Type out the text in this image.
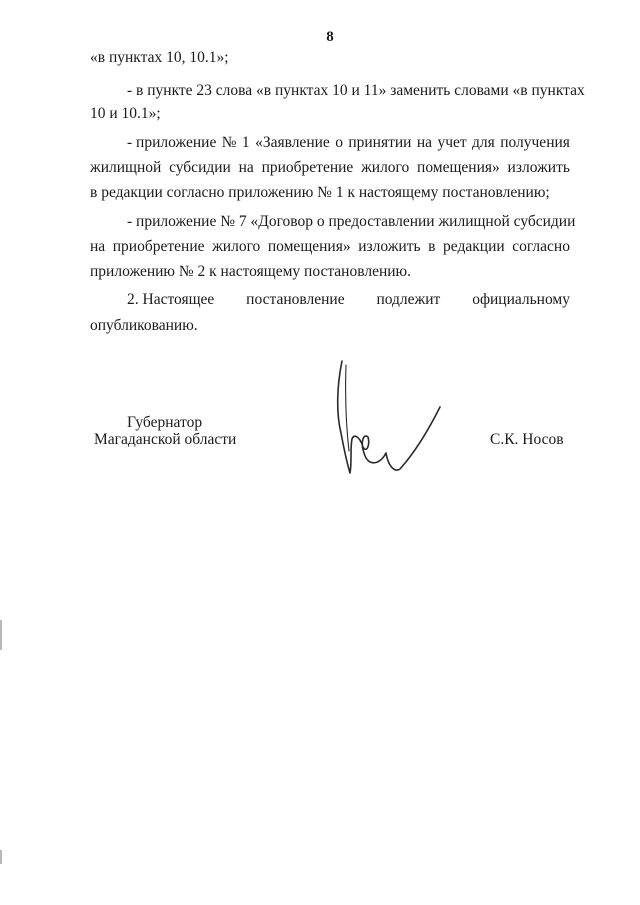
8
«в пунктах 10, 10.1»;
- в пункте 23 слова «в пунктах 10 и 11» заменить словами «в пунктах
10 и 10.1»;
- приложение № 1 «Заявление о принятии на учет для получения
жилищной субсидии на приобретение жилого помещения» изложить
в редакции согласно приложению № 1 к настоящему постановлению;
- приложение № 7 «Договор о предоставлении жилищной субсидии
на приобретение жилого помещения» изложить в редакции согласно
приложению № 2 к настоящему постановлению.
2. Настоящее постановление подлежит официальному
опубликованию.
Губернатор
Магаданской области	С.К. Носов
